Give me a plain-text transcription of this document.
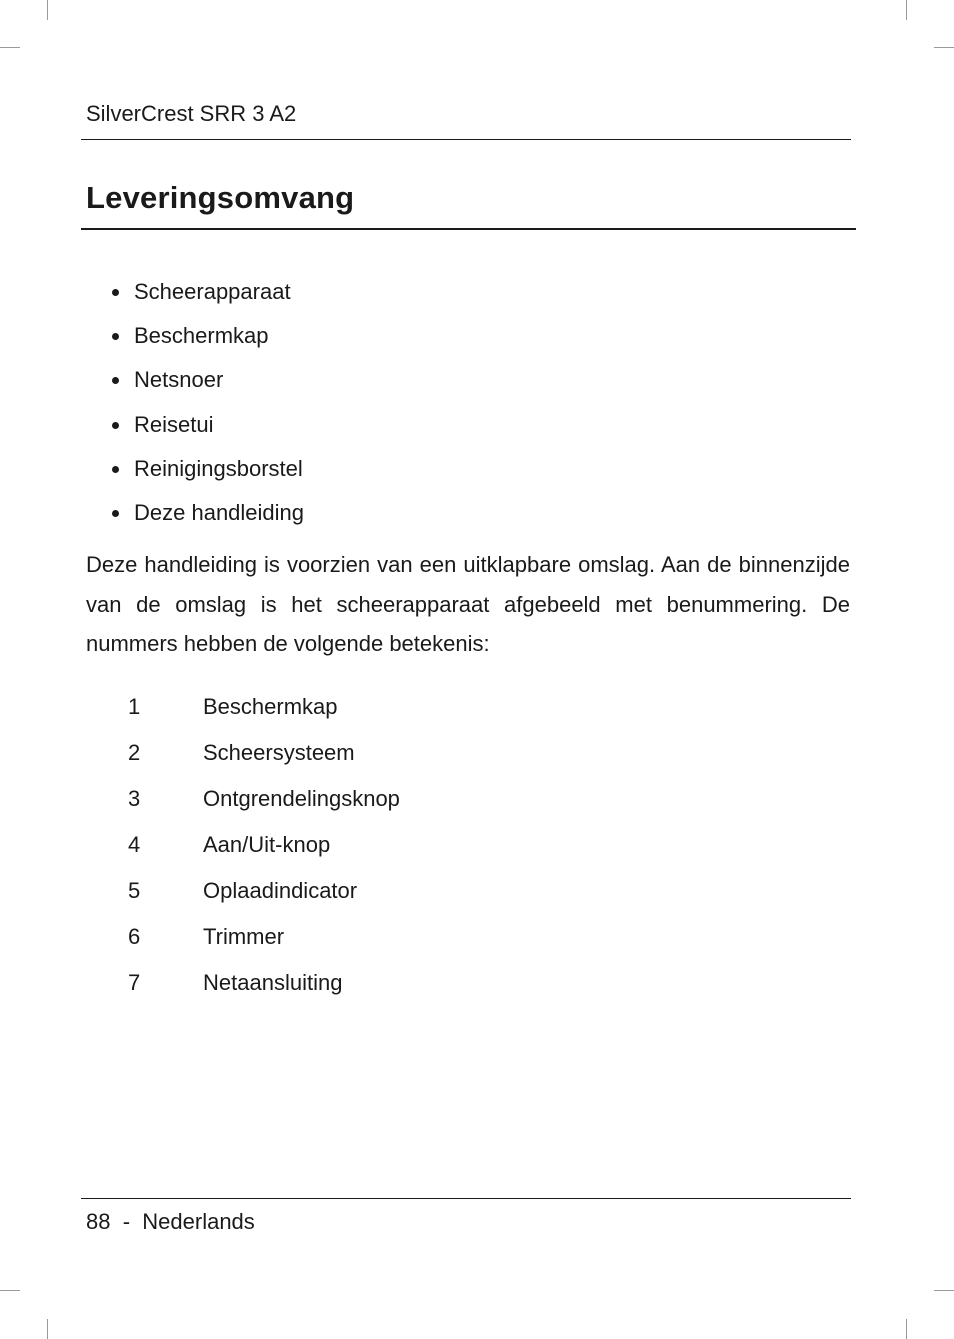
SilverCrest SRR 3 A2
Leveringsomvang
Scheerapparaat
Beschermkap
Netsnoer
Reisetui
Reinigingsborstel
Deze handleiding

Deze handleiding is voorzien van een uitklapbare omslag. Aan de binnenzijde van de omslag is het scheerapparaat afgebeeld met benummering. De nummers hebben de volgende betekenis:

1	Beschermkap
2	Scheersysteem
3	Ontgrendelingsknop
4	Aan/Uit-knop
5	Oplaadindicator
6	Trimmer
7	Netaansluiting
88 - Nederlands
